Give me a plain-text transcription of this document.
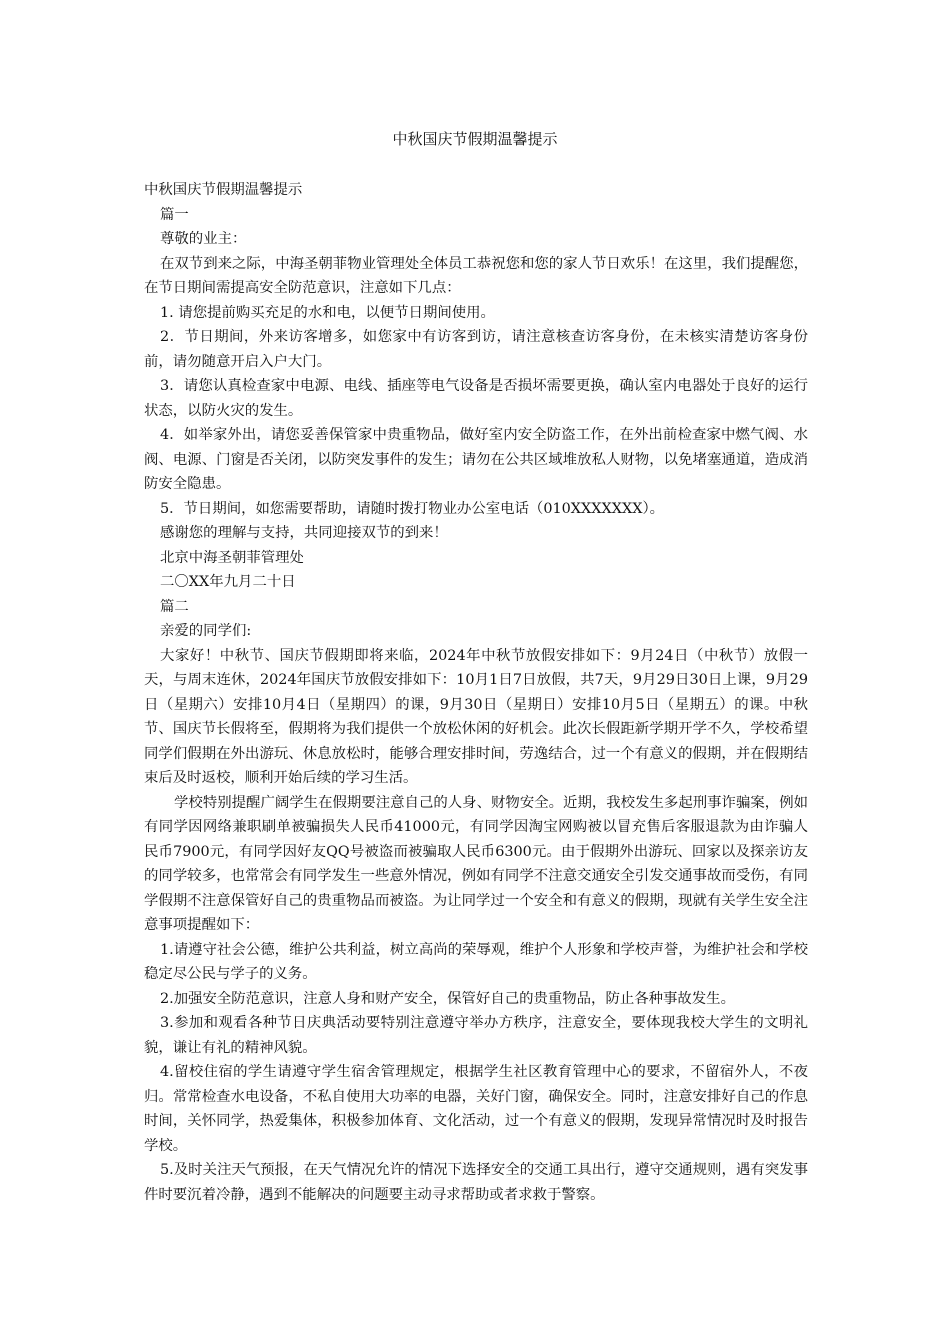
中秋国庆节假期温馨提示

中秋国庆节假期温馨提示

篇一

尊敬的业主：

在双节到来之际，中海圣朝菲物业管理处全体员工恭祝您和您的家人节日欢乐！在这里，我们提醒您，在节日期间需提高安全防范意识，注意如下几点：

1. 请您提前购买充足的水和电，以便节日期间使用。

2．节日期间，外来访客增多，如您家中有访客到访，请注意核查访客身份，在未核实清楚访客身份前，请勿随意开启入户大门。

3．请您认真检查家中电源、电线、插座等电气设备是否损坏需要更换，确认室内电器处于良好的运行状态，以防火灾的发生。

4．如举家外出，请您妥善保管家中贵重物品，做好室内安全防盗工作，在外出前检查家中燃气阀、水阀、电源、门窗是否关闭，以防突发事件的发生；请勿在公共区域堆放私人财物，以免堵塞通道，造成消防安全隐患。

5．节日期间，如您需要帮助，请随时拨打物业办公室电话（010XXXXXXX）。

感谢您的理解与支持，共同迎接双节的到来！

北京中海圣朝菲管理处

二〇XX年九月二十日

篇二

亲爱的同学们:

大家好！中秋节、国庆节假期即将来临，2024年中秋节放假安排如下：9月24日（中秋节）放假一天，与周末连休，2024年国庆节放假安排如下：10月1日7日放假，共7天，9月29日30日上课，9月29日（星期六）安排10月4日（星期四）的课，9月30日（星期日）安排10月5日（星期五）的课。中秋节、国庆节长假将至，假期将为我们提供一个放松休闲的好机会。此次长假距新学期开学不久，学校希望同学们假期在外出游玩、休息放松时，能够合理安排时间，劳逸结合，过一个有意义的假期，并在假期结束后及时返校，顺利开始后续的学习生活。

学校特别提醒广阔学生在假期要注意自己的人身、财物安全。近期，我校发生多起刑事诈骗案，例如有同学因网络兼职刷单被骗损失人民币41000元，有同学因淘宝网购被以冒充售后客服退款为由诈骗人民币7900元，有同学因好友QQ号被盗而被骗取人民币6300元。由于假期外出游玩、回家以及探亲访友的同学较多，也常常会有同学发生一些意外情况，例如有同学不注意交通安全引发交通事故而受伤，有同学假期不注意保管好自己的贵重物品而被盗。为让同学过一个安全和有意义的假期，现就有关学生安全注意事项提醒如下：

1.请遵守社会公德，维护公共利益，树立高尚的荣辱观，维护个人形象和学校声誉，为维护社会和学校稳定尽公民与学子的义务。

2.加强安全防范意识，注意人身和财产安全，保管好自己的贵重物品，防止各种事故发生。

3.参加和观看各种节日庆典活动要特别注意遵守举办方秩序，注意安全，要体现我校大学生的文明礼貌，谦让有礼的精神风貌。

4.留校住宿的学生请遵守学生宿舍管理规定，根据学生社区教育管理中心的要求，不留宿外人，不夜归。常常检查水电设备，不私自使用大功率的电器，关好门窗，确保安全。同时，注意安排好自己的作息时间，关怀同学，热爱集体，积极参加体育、文化活动，过一个有意义的假期，发现异常情况时及时报告学校。

5.及时关注天气预报，在天气情况允许的情况下选择安全的交通工具出行，遵守交通规则，遇有突发事件时要沉着冷静，遇到不能解决的问题要主动寻求帮助或者求救于警察。
